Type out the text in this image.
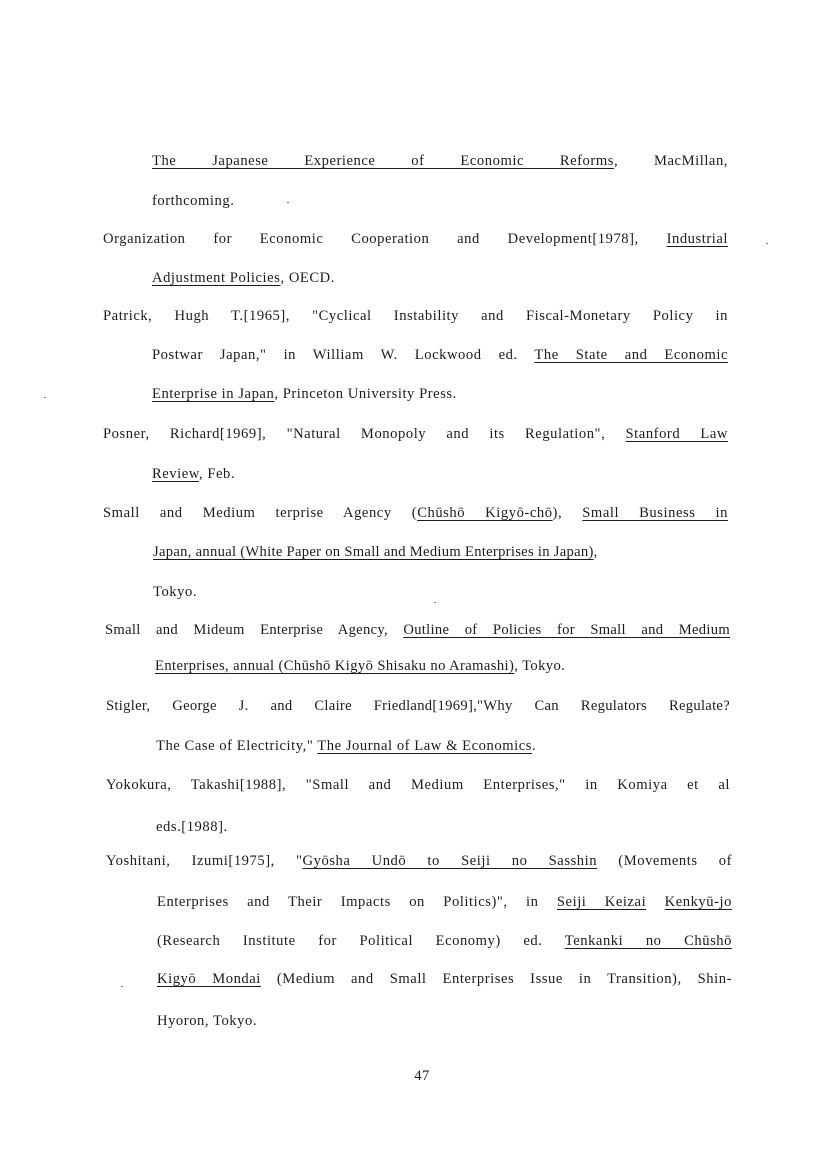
The Japanese Experience of Economic Reforms, MacMillan,
forthcoming.
Organization for Economic Cooperation and Development[1978], Industrial
Adjustment Policies, OECD.
Patrick, Hugh T.[1965], "Cyclical Instability and Fiscal-Monetary Policy in
Postwar Japan," in William W. Lockwood ed. The State and Economic
Enterprise in Japan, Princeton University Press.
Posner, Richard[1969], "Natural Monopoly and its Regulation", Stanford Law
Review, Feb.
Small and Medium terprise Agency (Chūshō Kigyō-chō), Small Business in
Japan, annual (White Paper on Small and Medium Enterprises in Japan),
Tokyo.
Small and Mideum Enterprise Agency, Outline of Policies for Small and Medium
Enterprises, annual (Chūshō Kigyō Shisaku no Aramashi), Tokyo.
Stigler, George J. and Claire Friedland[1969],"Why Can Regulators Regulate?
The Case of Electricity," The Journal of Law & Economics.
Yokokura, Takashi[1988], "Small and Medium Enterprises," in Komiya et al
eds.[1988].
Yoshitani, Izumi[1975], "Gyōsha Undō to Seiji no Sasshin (Movements of
Enterprises and Their Impacts on Politics)", in Seiji Keizai Kenkyū-jo
(Research Institute for Political Economy) ed. Tenkanki no Chūshō
Kigyō Mondai (Medium and Small Enterprises Issue in Transition), Shin-
Hyoron, Tokyo.
47
